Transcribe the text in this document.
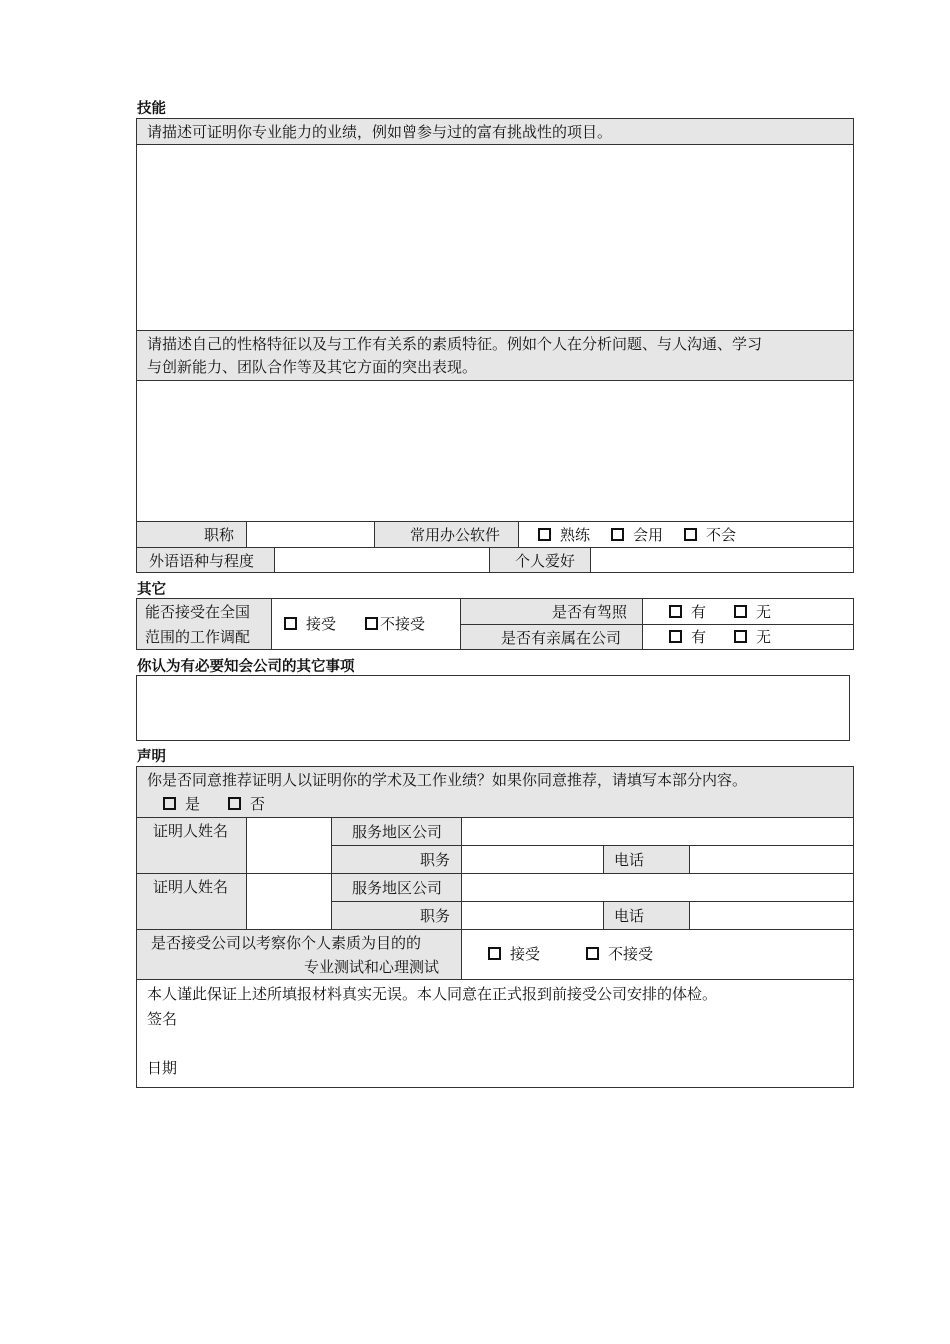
技能
请描述可证明你专业能力的业绩，例如曾参与过的富有挑战性的项目。
请描述自己的性格特征以及与工作有关系的素质特征。例如个人在分析问题、与人沟通、学习
与创新能力、团队合作等及其它方面的突出表现。
职称	常用办公软件	熟练	会用	不会
外语语种与程度	个人爱好
其它
能否接受在全国
范围的工作调配
接受	不接受
是否有驾照	有	无
是否有亲属在公司	有	无
你认为有必要知会公司的其它事项
声明
你是否同意推荐证明人以证明你的学术及工作业绩？如果你同意推荐，请填写本部分内容。
是	否
证明人姓名	服务地区公司
职务	电话
证明人姓名	服务地区公司
职务	电话
是否接受公司以考察你个人素质为目的的
专业测试和心理测试
接受	不接受
本人谨此保证上述所填报材料真实无误。本人同意在正式报到前接受公司安排的体检。
签名
日期
